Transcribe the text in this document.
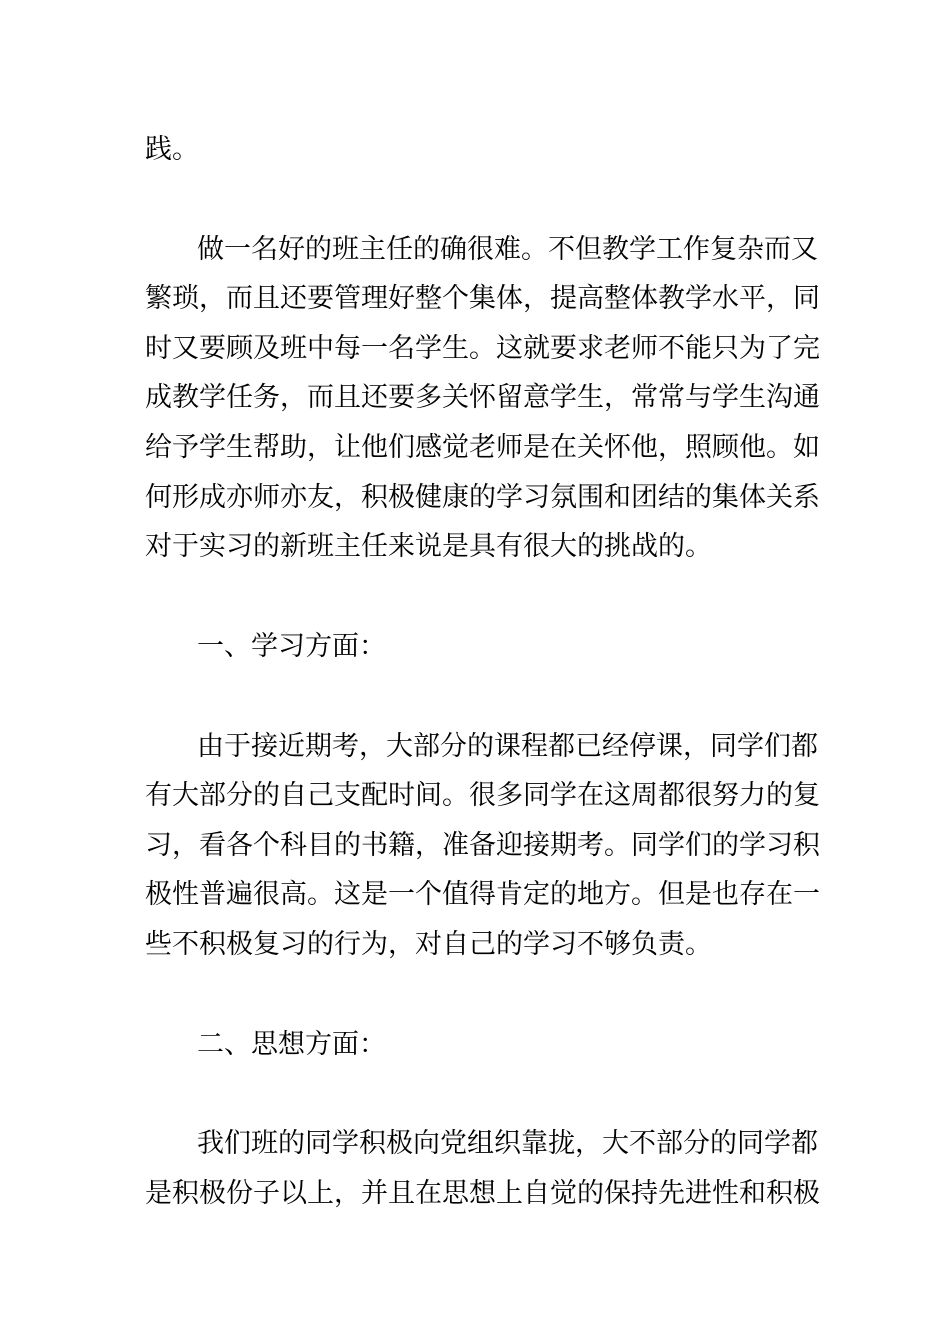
践。
做一名好的班主任的确很难。不但教学工作复杂而又
繁琐，而且还要管理好整个集体，提高整体教学水平，同
时又要顾及班中每一名学生。这就要求老师不能只为了完
成教学任务，而且还要多关怀留意学生，常常与学生沟通
给予学生帮助，让他们感觉老师是在关怀他，照顾他。如
何形成亦师亦友，积极健康的学习氛围和团结的集体关系
对于实习的新班主任来说是具有很大的挑战的。
一、学习方面：
由于接近期考，大部分的课程都已经停课，同学们都
有大部分的自己支配时间。很多同学在这周都很努力的复
习，看各个科目的书籍，准备迎接期考。同学们的学习积
极性普遍很高。这是一个值得肯定的地方。但是也存在一
些不积极复习的行为，对自己的学习不够负责。
二、思想方面：
我们班的同学积极向党组织靠拢，大不部分的同学都
是积极份子以上，并且在思想上自觉的保持先进性和积极
